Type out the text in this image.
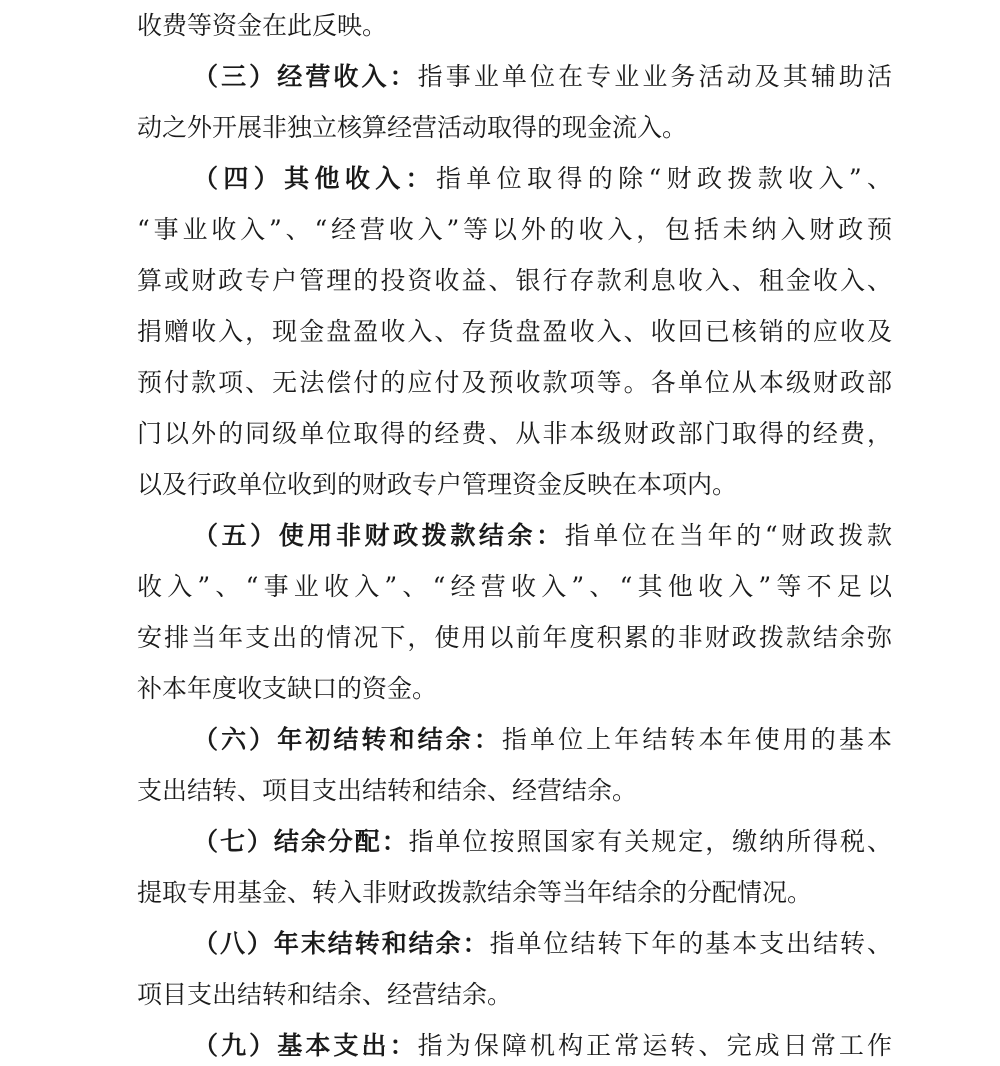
收费等资金在此反映。
（三）经营收入：指事业单位在专业业务活动及其辅助活
动之外开展非独立核算经营活动取得的现金流入。
（四）其他收入：指单位取得的除“财政拨款收入”、
“事业收入”、“经营收入”等以外的收入，包括未纳入财政预
算或财政专户管理的投资收益、银行存款利息收入、租金收入、
捐赠收入，现金盘盈收入、存货盘盈收入、收回已核销的应收及
预付款项、无法偿付的应付及预收款项等。各单位从本级财政部
门以外的同级单位取得的经费、从非本级财政部门取得的经费，
以及行政单位收到的财政专户管理资金反映在本项内。
（五）使用非财政拨款结余：指单位在当年的“财政拨款
收入”、“事业收入”、“经营收入”、“其他收入”等不足以
安排当年支出的情况下，使用以前年度积累的非财政拨款结余弥
补本年度收支缺口的资金。
（六）年初结转和结余：指单位上年结转本年使用的基本
支出结转、项目支出结转和结余、经营结余。
（七）结余分配：指单位按照国家有关规定，缴纳所得税、
提取专用基金、转入非财政拨款结余等当年结余的分配情况。
（八）年末结转和结余：指单位结转下年的基本支出结转、
项目支出结转和结余、经营结余。
（九）基本支出：指为保障机构正常运转、完成日常工作
